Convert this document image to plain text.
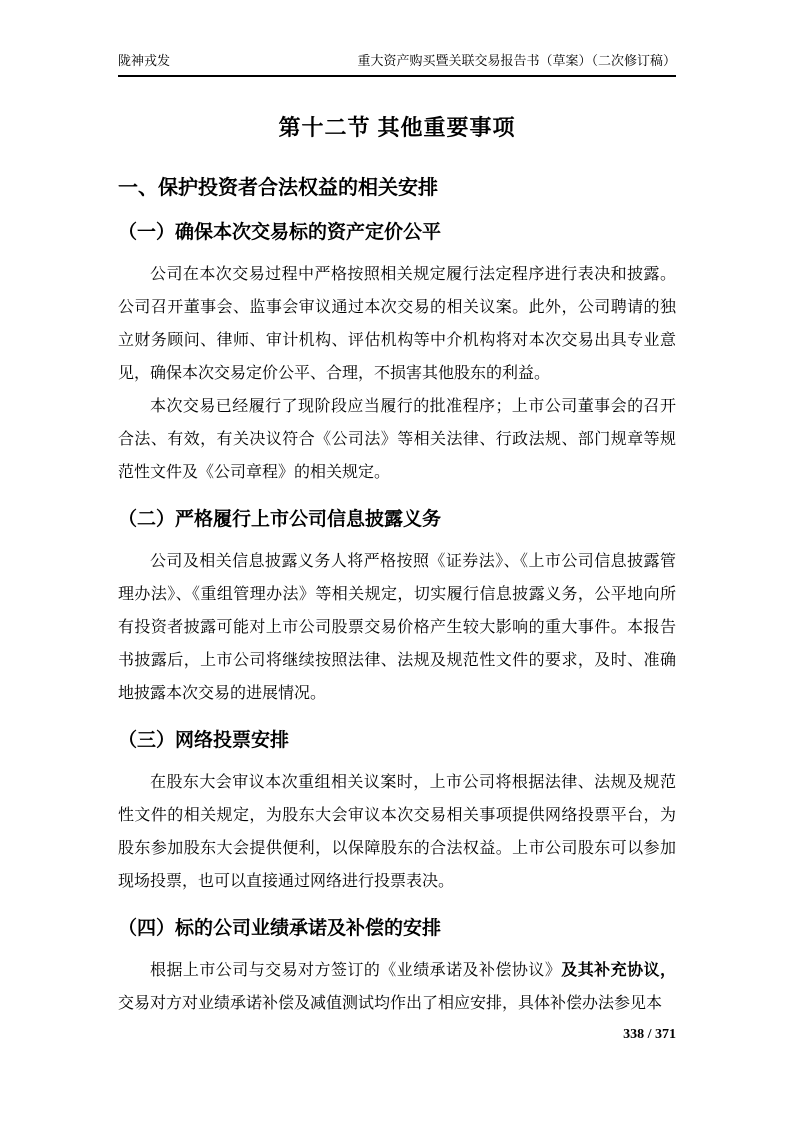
陇神戎发	重大资产购买暨关联交易报告书（草案）（二次修订稿）
第十二节 其他重要事项
一、保护投资者合法权益的相关安排
（一）确保本次交易标的资产定价公平

公司在本次交易过程中严格按照相关规定履行法定程序进行表决和披露。公司召开董事会、监事会审议通过本次交易的相关议案。此外，公司聘请的独立财务顾问、律师、审计机构、评估机构等中介机构将对本次交易出具专业意见，确保本次交易定价公平、合理，不损害其他股东的利益。

本次交易已经履行了现阶段应当履行的批准程序；上市公司董事会的召开合法、有效，有关决议符合《公司法》等相关法律、行政法规、部门规章等规范性文件及《公司章程》的相关规定。

（二）严格履行上市公司信息披露义务

公司及相关信息披露义务人将严格按照《证券法》、《上市公司信息披露管理办法》、《重组管理办法》等相关规定，切实履行信息披露义务，公平地向所有投资者披露可能对上市公司股票交易价格产生较大影响的重大事件。本报告书披露后，上市公司将继续按照法律、法规及规范性文件的要求，及时、准确地披露本次交易的进展情况。

（三）网络投票安排

在股东大会审议本次重组相关议案时，上市公司将根据法律、法规及规范性文件的相关规定，为股东大会审议本次交易相关事项提供网络投票平台，为股东参加股东大会提供便利，以保障股东的合法权益。上市公司股东可以参加现场投票，也可以直接通过网络进行投票表决。

（四）标的公司业绩承诺及补偿的安排

根据上市公司与交易对方签订的《业绩承诺及补偿协议》及其补充协议，交易对方对业绩承诺补偿及减值测试均作出了相应安排，具体补偿办法参见本

338 / 371
